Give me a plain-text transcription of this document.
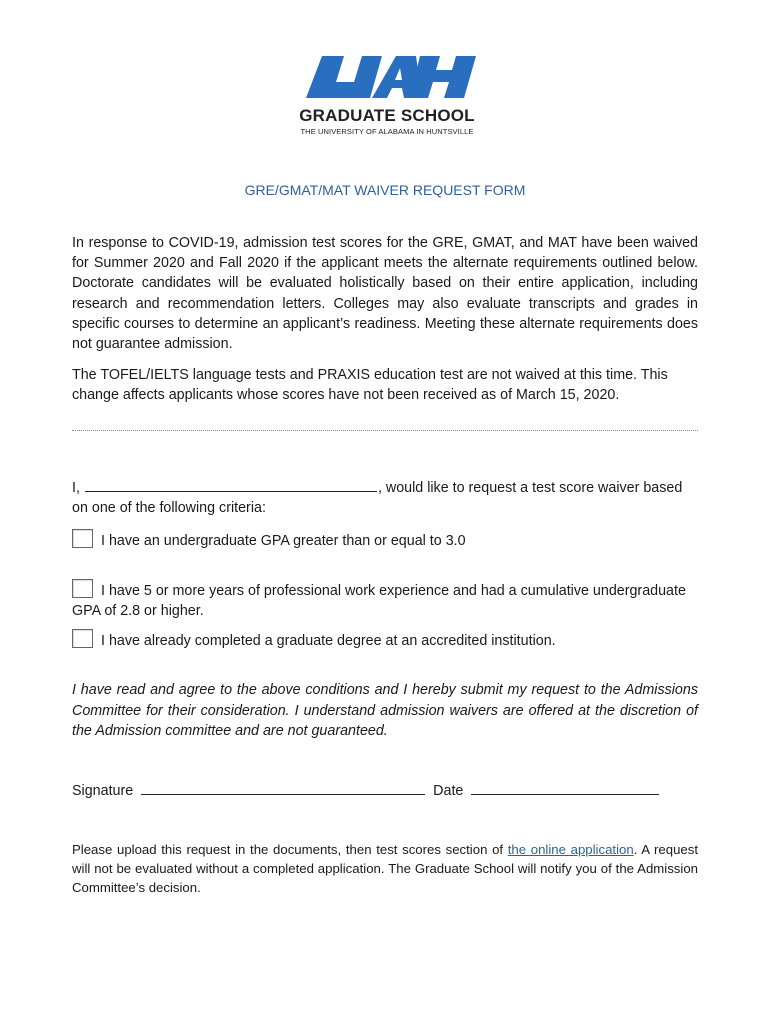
GRADUATE SCHOOL
THE UNIVERSITY OF ALABAMA IN HUNTSVILLE
GRE/GMAT/MAT WAIVER REQUEST FORM

In response to COVID-19, admission test scores for the GRE, GMAT, and MAT have been waived for Summer 2020 and Fall 2020 if the applicant meets the alternate requirements outlined below. Doctorate candidates will be evaluated holistically based on their entire application, including research and recommendation letters. Colleges may also evaluate transcripts and grades in specific courses to determine an applicant’s readiness. Meeting these alternate requirements does not guarantee admission.

The TOFEL/IELTS language tests and PRAXIS education test are not waived at this time. This change affects applicants whose scores have not been received as of March 15, 2020.

I,	, would like to request a test score waiver based on one of the following criteria:
I have an undergraduate GPA greater than or equal to 3.0
I have 5 or more years of professional work experience and had a cumulative undergraduate GPA of 2.8 or higher.
I have already completed a graduate degree at an accredited institution.

I have read and agree to the above conditions and I hereby submit my request to the Admissions Committee for their consideration. I understand admission waivers are offered at the discretion of the Admission committee and are not guaranteed.

Signature	Date

Please upload this request in the documents, then test scores section of the online application. A request will not be evaluated without a completed application. The Graduate School will notify you of the Admission Committee’s decision.
